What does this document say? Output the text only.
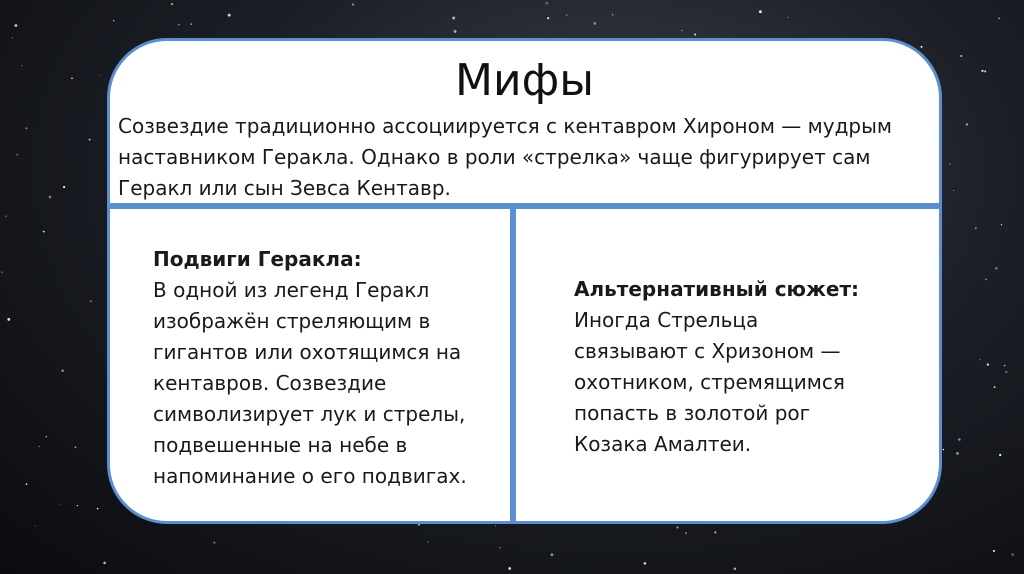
Мифы
Созвездие традиционно ассоциируется с кентавром Хироном — мудрым наставником Геракла. Однако в роли «стрелка» чаще фигурирует сам Геракл или сын Зевса Кентавр.
Подвиги Геракла:
В одной из легенд Геракл
изображён стреляющим в
гигантов или охотящимся на
кентавров. Созвездие
символизирует лук и стрелы,
подвешенные на небе в
напоминание о его подвигах.
Альтернативный сюжет:
Иногда Стрельца
связывают с Хризоном —
охотником, стремящимся
попасть в золотой рог
Козака Амалтеи.
